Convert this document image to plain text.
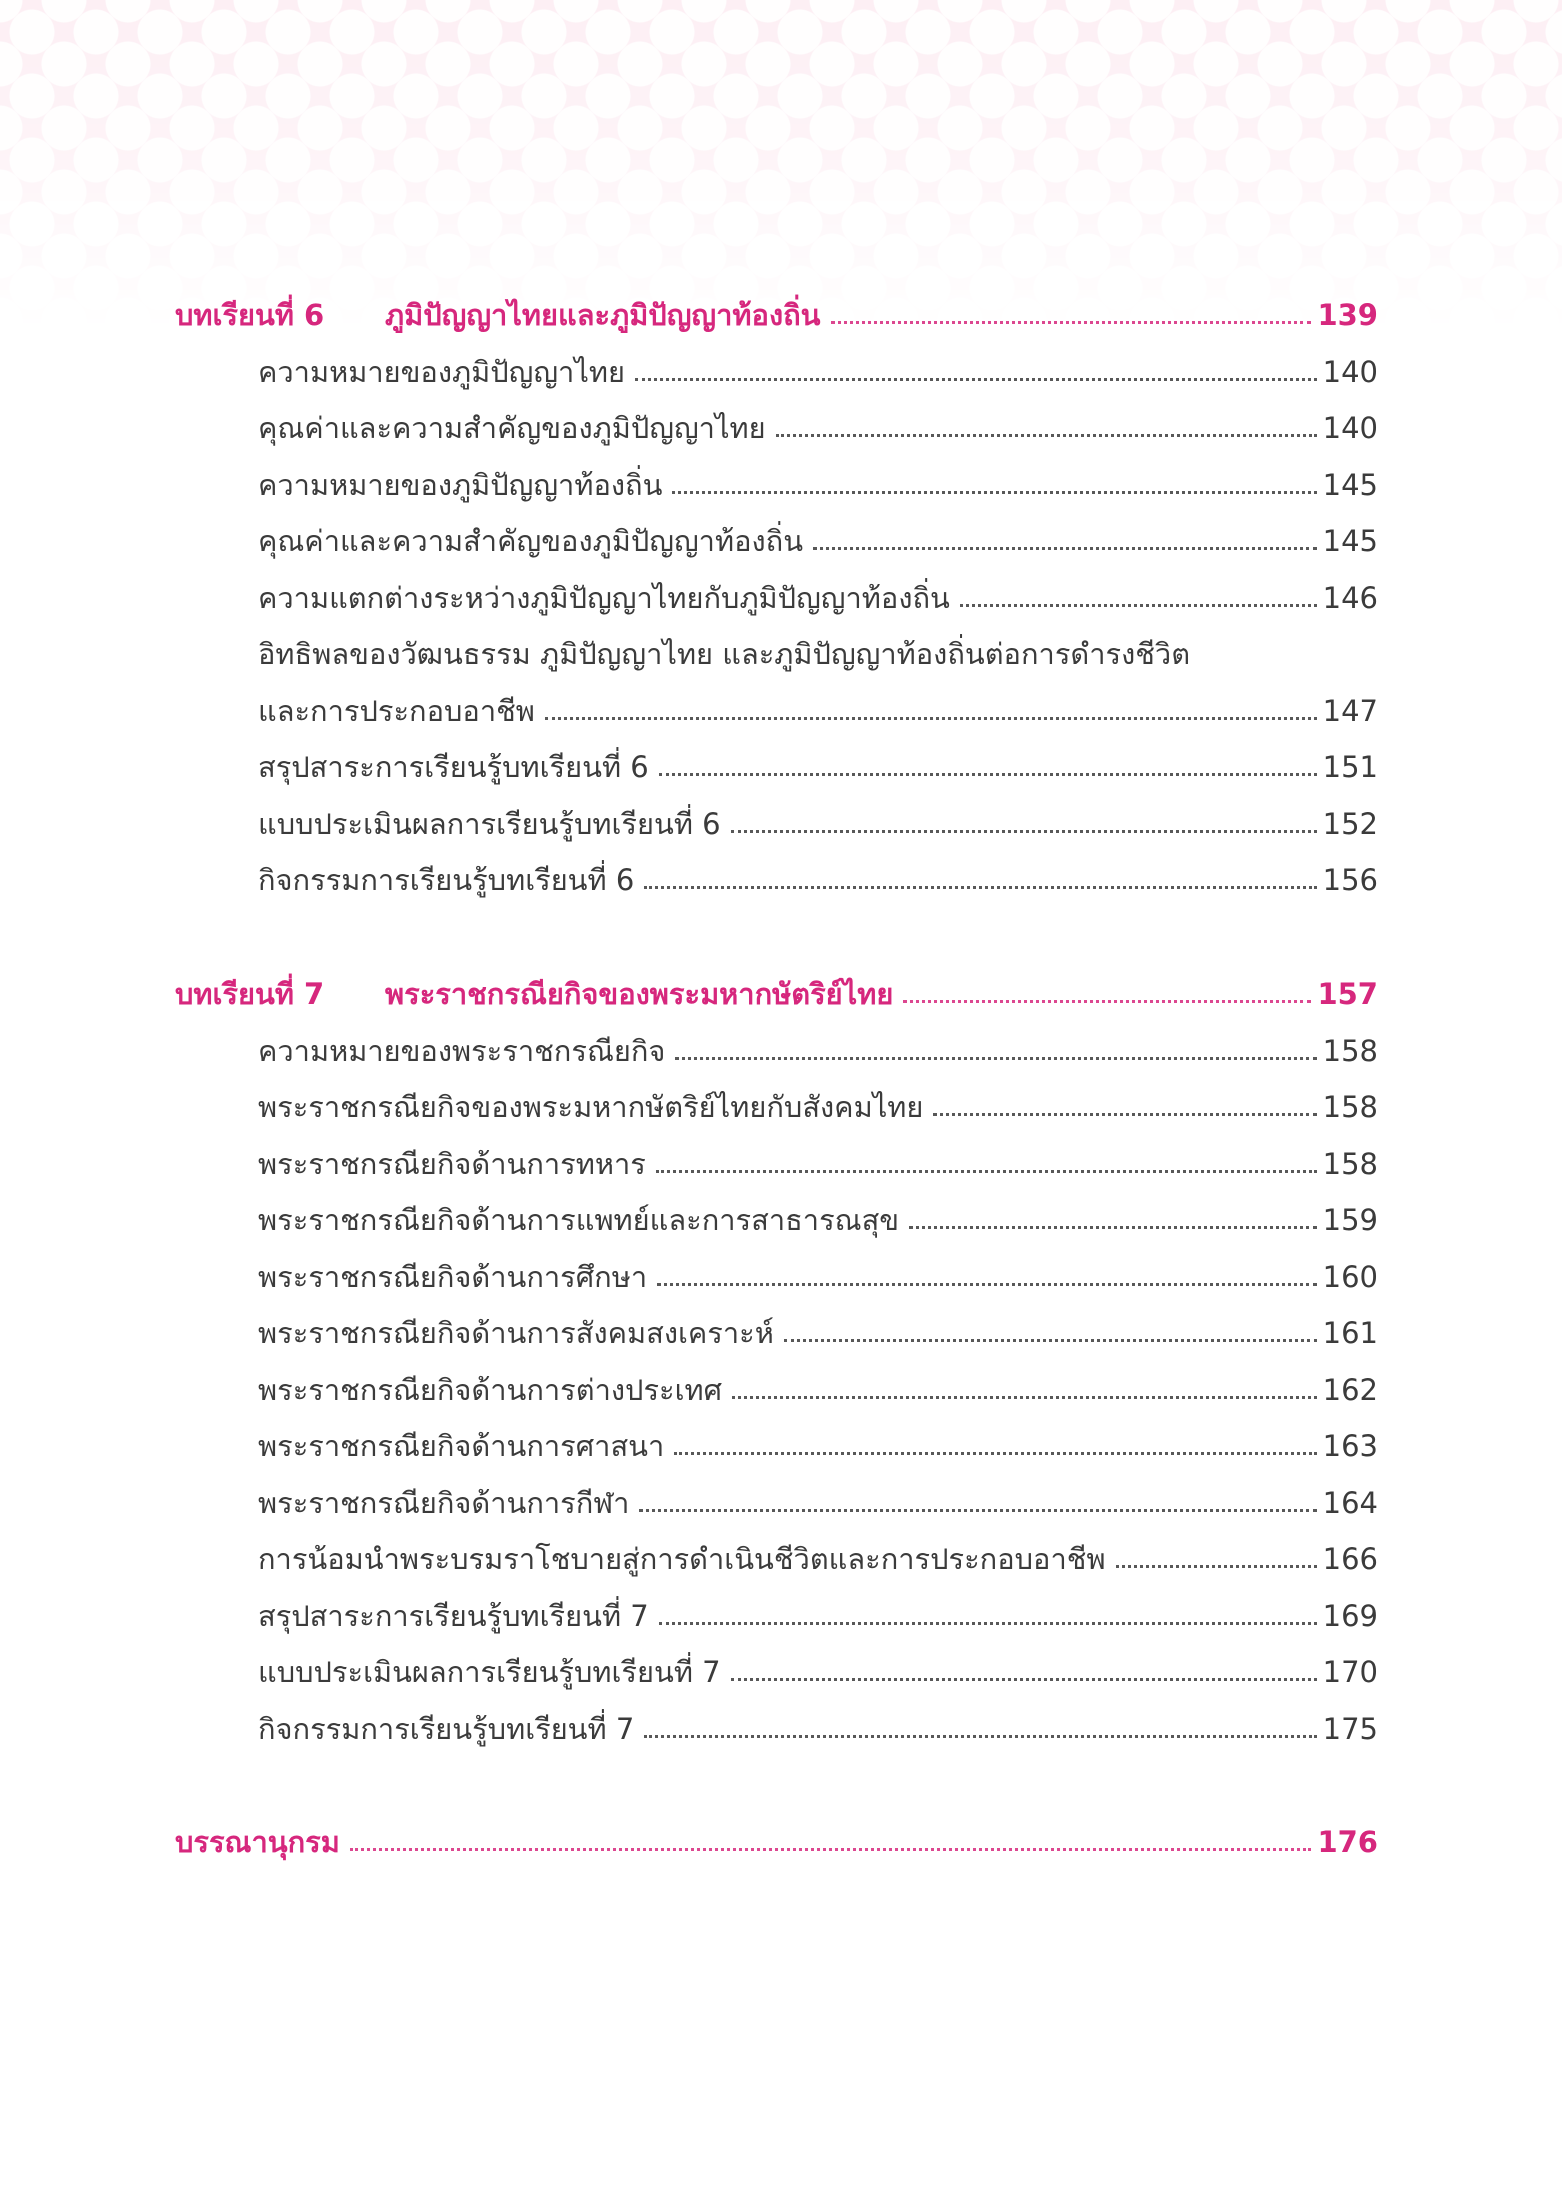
บทเรียนที่ 6	ภูมิปัญญาไทยและภูมิปัญญาท้องถิ่น	139
ความหมายของภูมิปัญญาไทย	140
คุณค่าและความสำคัญของภูมิปัญญาไทย	140
ความหมายของภูมิปัญญาท้องถิ่น	145
คุณค่าและความสำคัญของภูมิปัญญาท้องถิ่น	145
ความแตกต่างระหว่างภูมิปัญญาไทยกับภูมิปัญญาท้องถิ่น	146
อิทธิพลของวัฒนธรรม ภูมิปัญญาไทย และภูมิปัญญาท้องถิ่นต่อการดำรงชีวิต
และการประกอบอาชีพ	147
สรุปสาระการเรียนรู้บทเรียนที่ 6	151
แบบประเมินผลการเรียนรู้บทเรียนที่ 6	152
กิจกรรมการเรียนรู้บทเรียนที่ 6	156
บทเรียนที่ 7	พระราชกรณียกิจของพระมหากษัตริย์ไทย	157
ความหมายของพระราชกรณียกิจ	158
พระราชกรณียกิจของพระมหากษัตริย์ไทยกับสังคมไทย	158
พระราชกรณียกิจด้านการทหาร	158
พระราชกรณียกิจด้านการแพทย์และการสาธารณสุข	159
พระราชกรณียกิจด้านการศึกษา	160
พระราชกรณียกิจด้านการสังคมสงเคราะห์	161
พระราชกรณียกิจด้านการต่างประเทศ	162
พระราชกรณียกิจด้านการศาสนา	163
พระราชกรณียกิจด้านการกีฬา	164
การน้อมนำพระบรมราโชบายสู่การดำเนินชีวิตและการประกอบอาชีพ	166
สรุปสาระการเรียนรู้บทเรียนที่ 7	169
แบบประเมินผลการเรียนรู้บทเรียนที่ 7	170
กิจกรรมการเรียนรู้บทเรียนที่ 7	175
บรรณานุกรม	176
